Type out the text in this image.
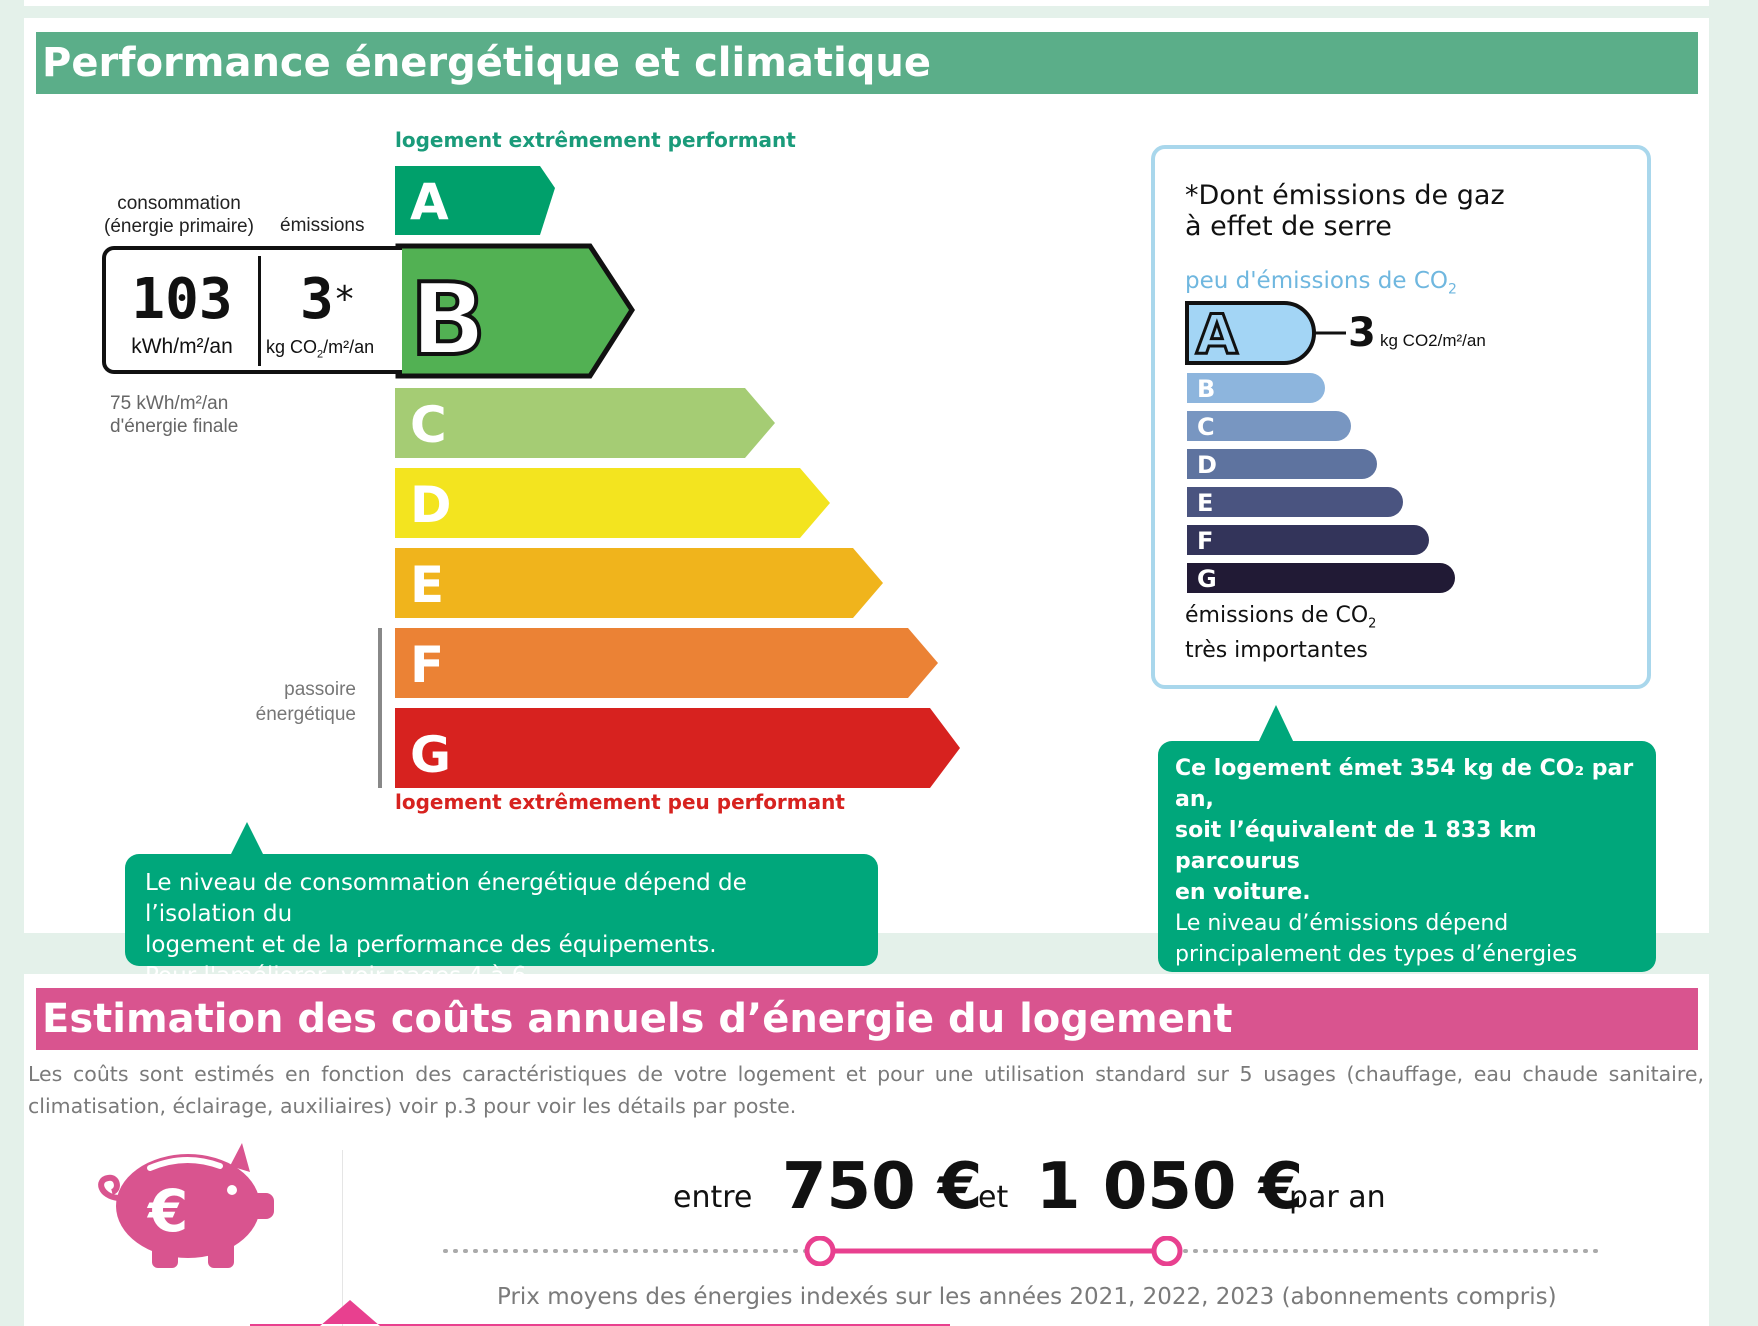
Performance énergétique et climatique
logement extrêmement performant
A
B
C
D
E
F
G
logement extrêmement peu performant
consommation
(énergie primaire) émissions
103
kWh/m²/an
3*
kg $CO_2/m^2/an$
75 kWh/m²/an
d'énergie finale
passoire
énergétique
Le niveau de consommation énergétique dépend de l’isolation du
logement et de la performance des équipements.
*Dont émissions de gaz
à effet de serre
peu d'émissions de $CO_2$
A	3 kg CO2/m²/an
B
C
D
E
F
G
émissions de $CO_2$
très importantes
Ce logement émet 354 kg de CO₂ par an,
soit l’équivalent de 1 833 km parcourus
en voiture.
Le niveau d’émissions dépend
principalement des types d’énergies
Estimation des coûts annuels d’énergie du logement
Les coûts sont estimés en fonction des caractéristiques de votre logement et pour une utilisation standard sur 5 usages (chauffage, eau chaude sanitaire, climatisation, éclairage, auxiliaires) voir p.3 pour voir les détails par poste.
€	entre 750 €
et 1 050 €
par an
Prix moyens des énergies indexés sur les années 2021, 2022, 2023 (abonnements compris)
